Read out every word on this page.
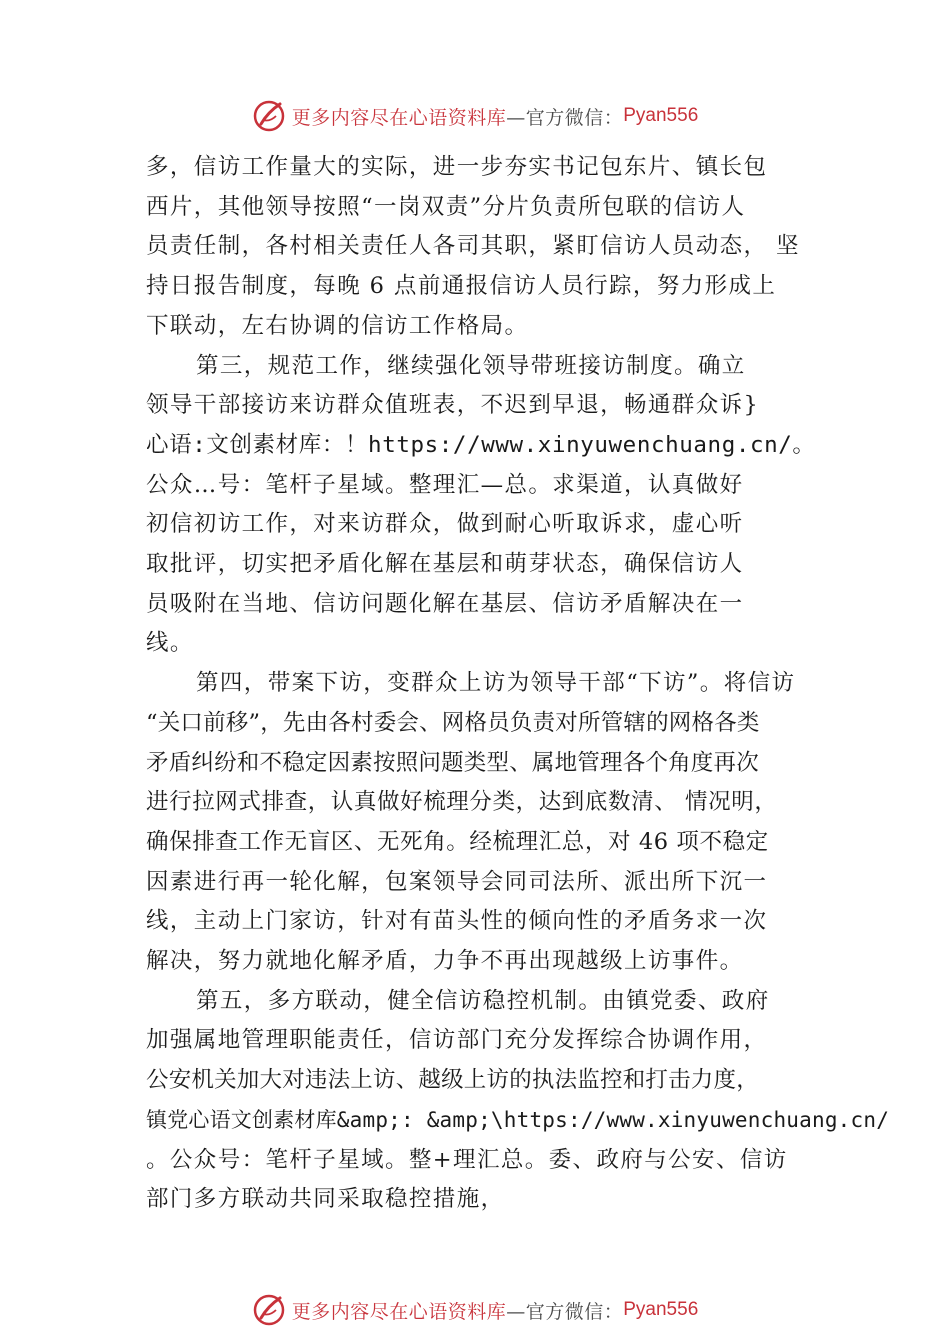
更多内容尽在心语资料库 —官方微信： Pyan556

多，信访工作量大的实际，进一步夯实书记包东片、镇长包
西片，其他领导按照“一岗双责”分片负责所包联的信访人
员责任制，各村相关责任人各司其职，紧盯信访人员动态， 坚
持日报告制度，每晚 6 点前通报信访人员行踪，努力形成上
下联动，左右协调的信访工作格局。

第三，规范工作，继续强化领导带班接访制度。确立
领导干部接访来访群众值班表，不迟到早退，畅通群众诉}
心语:文创素材库：！https://www.xinyuwenchuang.cn/。
公众…号：笔杆子星域。整理汇—总。求渠道，认真做好
初信初访工作，对来访群众，做到耐心听取诉求，虚心听
取批评，切实把矛盾化解在基层和萌芽状态，确保信访人
员吸附在当地、信访问题化解在基层、信访矛盾解决在一
线。

第四，带案下访，变群众上访为领导干部“下访”。将信访
“关口前移”，先由各村委会、网格员负责对所管辖的网格各类
矛盾纠纷和不稳定因素按照问题类型、属地管理各个角度再次
进行拉网式排查，认真做好梳理分类，达到底数清、 情况明，
确保排查工作无盲区、无死角。经梳理汇总，对 46 项不稳定
因素进行再一轮化解，包案领导会同司法所、派出所下沉一
线，主动上门家访，针对有苗头性的倾向性的矛盾务求一次
解决，努力就地化解矛盾，力争不再出现越级上访事件。

第五，多方联动，健全信访稳控机制。由镇党委、政府
加强属地管理职能责任，信访部门充分发挥综合协调作用，
公安机关加大对违法上访、越级上访的执法监控和打击力度，
镇党心语文创素材库&amp;: &amp;\https://www.xinyuwenchuang.cn/
。公众号：笔杆子星域。整+理汇总。委、政府与公安、信访
部门多方联动共同采取稳控措施，

更多内容尽在心语资料库 —官方微信： Pyan556
